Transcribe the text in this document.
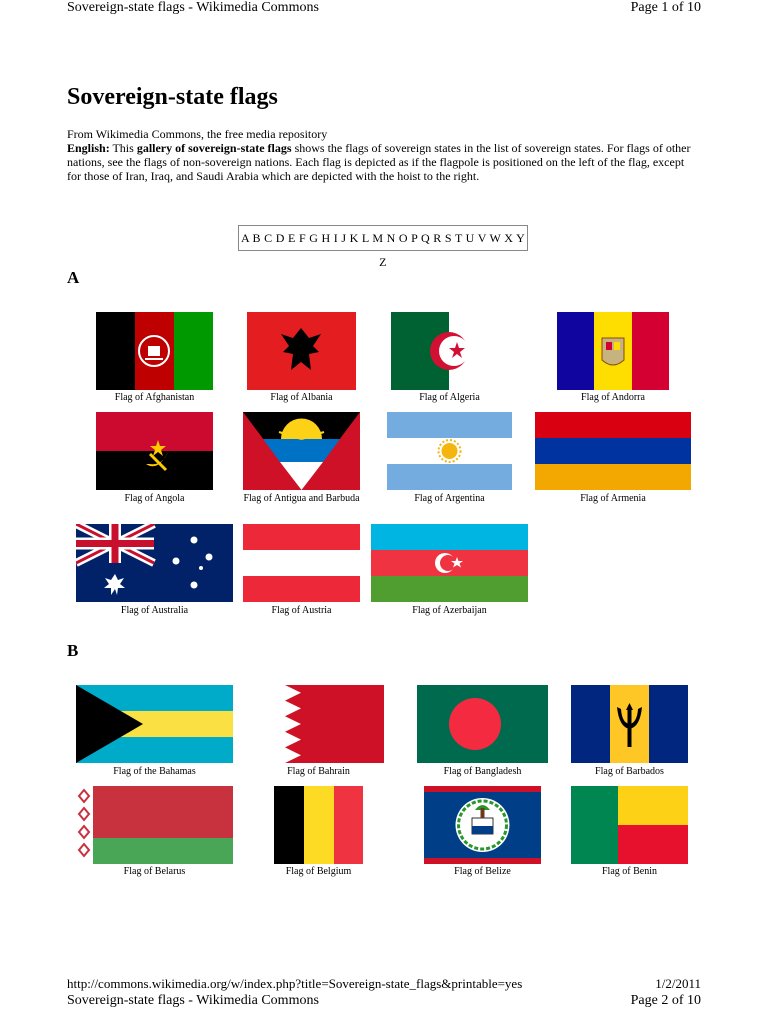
Sovereign-state flags - Wikimedia Commons	Page 1 of 10
Sovereign-state flags
From Wikimedia Commons, the free media repository
English: This gallery of sovereign-state flags shows the flags of sovereign states in the list of sovereign states. For flags of other nations, see the flags of non-sovereign nations. Each flag is depicted as if the flagpole is positioned on the left of the flag, except for those of Iran, Iraq, and Saudi Arabia which are depicted with the hoist to the right.
A B C D E F G H I J K L M N O P Q R S T U V W X Y Z
A
Flag of Afghanistan	Flag of Albania	Flag of Algeria	Flag of Andorra
Flag of Angola	Flag of Antigua and Barbuda	Flag of Argentina	Flag of Armenia
Flag of Australia	Flag of Austria	Flag of Azerbaijan
B
Flag of the Bahamas	Flag of Bahrain	Flag of Bangladesh	Flag of Barbados
Flag of Belarus	Flag of Belgium	Flag of Belize	Flag of Benin
http://commons.wikimedia.org/w/index.php?title=Sovereign-state_flags&printable=yes	1/2/2011
Sovereign-state flags - Wikimedia Commons	Page 2 of 10
